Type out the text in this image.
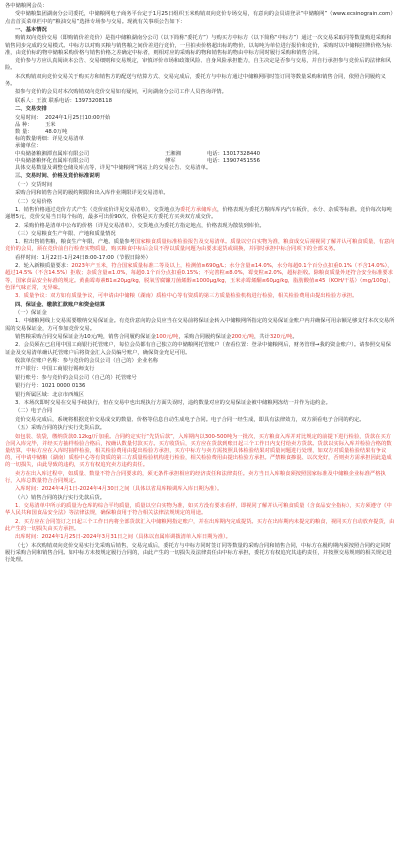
各中储粮网会员：

受中储粮集团湖南分公司委托，中储粮网电子商务平台定于1月25日组织玉米购销双向竞价专场交易，有意向的会员请登录“中储粮网”（www.ecsinograin.com）点击首页菜单栏中的“粮油交易”选择专场参与交易。现就有关事项公告如下：

一、基本情况

购销双向竞价交易（即购销价差竞价）是指中储粮湖南分公司（以下简称“委托方”）与购买方中标方（以下简称“中标方”）通过一次交易采取同等数量购进采购和销售同步完成的交易模式。中标方以对购买粮与销售粮之间价差进行竞价，一旦拍卖价格超出标的物价，以每吨为单位进行报价和竞价，采购时以中储粮挂牌价格为标准，由竞价标的物中储粮采购价格与销售价格之差确定中标者，则相对应的采购标的物和销售标的物由中标方同时履行采购和销售合同。

竞价参与方应认真阅读本公告、交易细则和交易规定，审慎评价市场和政策风险、自身风险承担能力，自主决定是否参与交易，并自行承担参与竞价后的法律和风险。

本次购销双向竞价交易关于购买方和销售方的配送与结算方式、交易完成后，委托方与中标方通过中储粮网同时签订同等数量采购和销售合同，依照合同履约义务。

拟参与竞价的会员对本次购销双向竞价交易如有疑问，可向湖南分公司工作人员咨询详情。

联系人：王波 联系电话：13973208118

二、交易安排

交易时间： 2024年1月25日10:00开始

品 种： 玉米

数 量： 48.0万吨

标的数量明细：详见交易清单

承储单位：

中央储备粮湘潭直属库有限公司	王湘湘	电话：13017328440
中央储备粮怀化直属库有限公司	傅军	电话：13907451556

具体交易数量及调整仓储及库点等，详见“中储粮网”网站上的交易公告、交易清单。

三、交易时间、价格及竞价标准说明

（一）交货时间

采购合同和销售合同的履约期限和出入库作业期限详见交易清单。

（二）交易价格

1．销售价格通过竞价方式产生（竞价底价详见交易清单），交货地点为委托方承储库点，价格表现为委托方粮库库内汽车板价，水分、杂质等标准。竞价每次每吨递增5元，竞价交易当日每个标的，最多可出价90次，价格是买方委托方买卖双方成交价。

2．采购价格是清单中公布的价格（详见交易清单），交货地点为委托方指定地点，价格表现为散装到库价。

（三）交易粮食生产年限、产地和质量情况

1．粒出售销售粮，粮食生产年限、产地、质量参考国家粮食质量标准检验报告及交易清单。质量以空白实物为准，粮食成交后视视同了解并认可粮食质量，有意向竞价的会员，须在竞价前自行检查实物质量，购买粮食中标后会员不得以质量问题为由要求退货或调换，并同时承担中标合同项下的全部义务。

看样时间：1月22日-1月24日8:00-17:00（节假日除外）

2．轮入新粮质量要求：2023年产玉米，符合国家质量标准二等及以上，检测值≥690g/L；水分含量≤14.0%，水分每超0.1个百分点扣重0.1%（不含14.0%），超过14.5%（不含14.5%）拒收；杂质含量≤1.0%，每超0.1个百分点扣重0.15%；不完善粒≤8.0%，霉变粒≤2.0%，超标拒收。除粮食质量外还符合安全标准要求等，国家食品安全标准的规定。黄曲霉毒素B1≤20μg/kg，脱氧雪腐镰刀菌烯醇≤1000μg/kg，玉米赤霉烯酮≤60μg/kg，脂肪酸值≤45（KOH/干基）（mg/100g），色泽气味正常，无异味。

3．质量争议：双方如有质量争议，可申请由中储粮（湖南）质检中心等有资质的第三方质量检验机构进行检验，相关检验费用由提出检验方承担。

四、保证金、缴款汇款账户和资金结算

（一）保证金

1．中储粮网线上交易需要缴纳交易保证金。有竞价意向的会员应当在交易前将保证金转入中储粮网所指定的交易保证金账户内并确保可用余额足够支付本次交易所需的交易保证金，方可参加竞价交易。

销售粮采购合同交易保证金为10元/吨，销售合同履约保证金100元/吨，采购合同履约保证金200元/吨，共计320元/吨。

2．会员须在已启用中国工商银行托管账户，每位会员都有自己独立的中储粮网托管账户（查看位置：登录中储粮网后，财务管理→我的资金账户）。请参照交易保证金及交易清单确认托管账户后将资金汇入会员编号账户，确保资金充足可用。

收款单位账户名称：参与竞价的会员公司（自己的）企业名称

开户银行：中国工商银行锡师支行

银行账号：参与竞价的会员公司（自己的）托管账号

银行行号：1021 0000 0136

银行所属区域：北京市西城区

3．本场次即时交易在交易手续执行，但在交易中也出现执行方面失误时，违约数量对应的交易保证金被中储粮网冻结一并作为违约金。

（二）电子合同

竞价交易完成后，系统将根据竞价交易成交的数量、价格等信息自动生成电子合同。电子合同一经生成，即具有法律效力，双方须看电子合同的约定。

（五）采购合同的执行实行先货后款。

如包装、装袋，缴纳货款0.12kg/斤加重。合同约定实行“先货后款”，入库期内以300-500吨为一批次，买方粮食入库并对比规定的前提下进行检验，货款在买方合同入库完毕，并经买方抽样检验合格后，按确认数量付款买方。买方收货后，买方应在货款到账日起三个工作日内支付给卖方货款。货款以实际入库并检验合格的数量结算，中标方应在入库时抽样检验，相关检验费用由提出检验方承担，买方中标方与卖方需按照具体检验结果对质量问题进行处理，如双方对质量检验结果有争议的，可申请中储粮（湖南）质检中心等有资质的第三方质量检验机构进行检验，相关检验费用由提出检验方承担。严禁粮食掺混、以次充好，否则卖方需承担因此造成的一切损失，由此导致的违约，买方有权追究卖方违约责任。

卖方在出入库过程中，如质量、数量不符合合同要求的，须无条件承担相应的经济责任和法律责任。卖方当日入库粮食须按照国家标准及中储粮企业标准严格执行，入库总数量符合合同规定。

入库时间：2024年4月1日-2024年4月30日之间（具体以省局库粮调库入库日期为准）。

（六）销售合同的执行实行先款后货。

1．交易清单中所示的质量为仓库的综合平均质量，质量以空白实物为准，如买方没有要求看样，即视同了解并认可粮食质量（含食品安全指标），买方须遵守《中华人民共和国食品安全法》等法律法规，确保粮食用于符合相关法律法规规定的用途。

2．买方应在合同签订之日起三个工作日内将全部货款汇入中储粮网指定账户，并在出库期内完成提货。买方在出库期内未提完的粮食，视同买方自动放弃提货，由此产生的一切损失由买方承担。

出库时间：2024年1月25日-2024年3月31日之间（具体以直属库调拨清单入库日期为准）。

（七）本次购销双向竞价交易实行先采购后销售，交易完成后，委托方与中标方同时签订同等数量的采购合同和销售合同，中标方在履约期内须按照合同约定同时履行采购合同和销售合同。如中标方未按规定履行合同的，由此产生的一切损失及法律责任由中标方承担，委托方有权追究其违约责任，并按照交易规则的相关规定进行处理。
